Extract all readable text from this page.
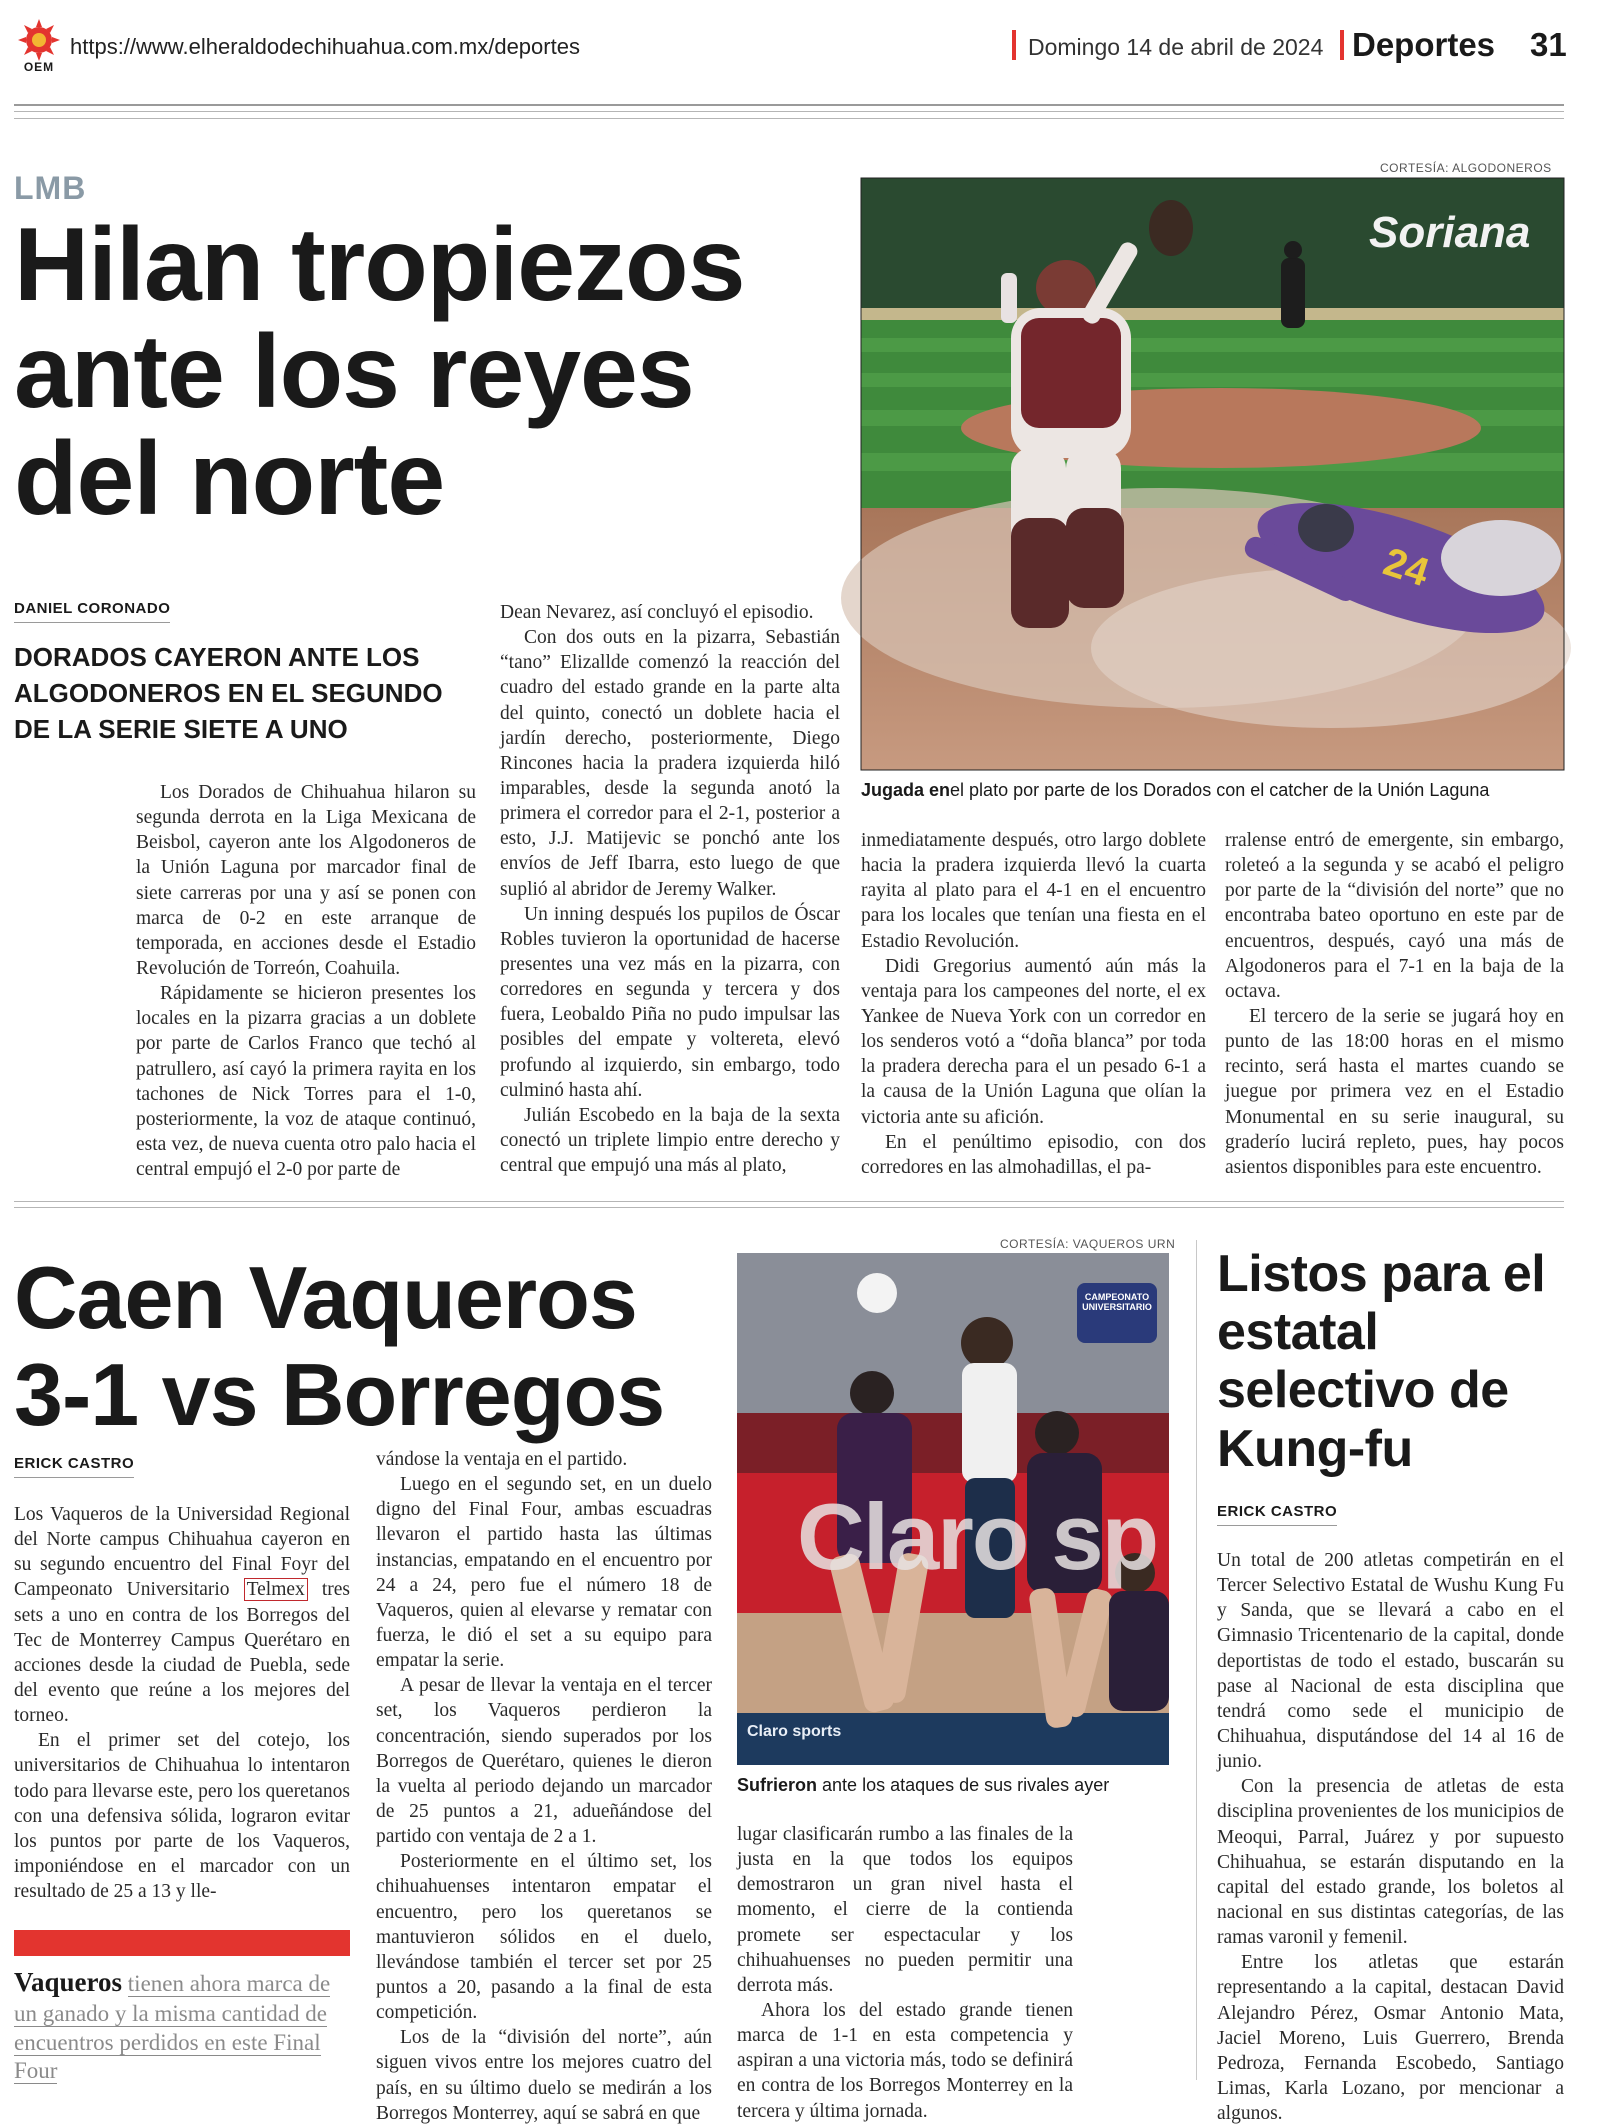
OEM
https://www.elheraldodechihuahua.com.mx/deportes	Domingo 14 de abril de 2024 Deportes 31
LMB
Hilan tropiezos ante los reyes del norte
DANIEL CORONADO
DORADOS CAYERON ANTE LOS ALGODONEROS EN EL SEGUNDO DE LA SERIE SIETE A UNO
CORTESÍA: ALGODONEROS
24
Soriana
Jugada enel plato por parte de los Dorados con el catcher de la Unión Laguna

Los Dorados de Chihuahua hilaron su segunda derrota en la Liga Mexicana de Beisbol, cayeron ante los Algodoneros de la Unión Laguna por marcador final de siete carreras por una y así se ponen con marca de 0-2 en este arranque de temporada, en acciones desde el Estadio Revolución de Torreón, Coahuila.

Rápidamente se hicieron presentes los locales en la pizarra gracias a un doblete por parte de Carlos Franco que techó al patrullero, así cayó la primera rayita en los tachones de Nick Torres para el 1-0, posteriormente, la voz de ataque continuó, esta vez, de nueva cuenta otro palo hacia el central empujó el 2-0 por parte de

Dean Nevarez, así concluyó el episodio.

Con dos outs en la pizarra, Sebastián “tano” Elizallde comenzó la reacción del cuadro del estado grande en la parte alta del quinto, conectó un doblete hacia el jardín derecho, posteriormente, Diego Rincones hacia la pradera izquierda hiló imparables, desde la segunda anotó la primera el corredor para el 2-1, posterior a esto, J.J. Matijevic se ponchó ante los envíos de Jeff Ibarra, esto luego de que suplió al abridor de Jeremy Walker.

Un inning después los pupilos de Óscar Robles tuvieron la oportunidad de hacerse presentes una vez más en la pizarra, con corredores en segunda y tercera y dos fuera, Leobaldo Piña no pudo impulsar las posibles del empate y voltereta, elevó profundo al izquierdo, sin embargo, todo culminó hasta ahí.

Julián Escobedo en la baja de la sexta conectó un triplete limpio entre derecho y central que empujó una más al plato,

inmediatamente después, otro largo doblete hacia la pradera izquierda llevó la cuarta rayita al plato para el 4-1 en el encuentro para los locales que tenían una fiesta en el Estadio Revolución.

Didi Gregorius aumentó aún más la ventaja para los campeones del norte, el ex Yankee de Nueva York con un corredor en los senderos votó a “doña blanca” por toda la pradera derecha para el un pesado 6-1 a la causa de la Unión Laguna que olían la victoria ante su afición.

En el penúltimo episodio, con dos corredores en las almohadillas, el pa-

rralense entró de emergente, sin embargo, roleteó a la segunda y se acabó el peligro por parte de la “división del norte” que no encontraba bateo oportuno en este par de encuentros, después, cayó una más de Algodoneros para el 7-1 en la baja de la octava.

El tercero de la serie se jugará hoy en punto de las 18:00 horas en el mismo recinto, será hasta el martes cuando se juegue por primera vez en el Estadio Monumental en su serie inaugural, su graderío lucirá repleto, pues, hay pocos asientos disponibles para este encuentro.

Caen Vaqueros 3-1 vs Borregos
ERICK CASTRO

Los Vaqueros de la Universidad Regional del Norte campus Chihuahua cayeron en su segundo encuentro del Final Foyr del Campeonato Universitario Telmex tres sets a uno en contra de los Borregos del Tec de Monterrey Campus Querétaro en acciones desde la ciudad de Puebla, sede del evento que reúne a los mejores del torneo.

En el primer set del cotejo, los universitarios de Chihuahua lo intentaron todo para llevarse este, pero los queretanos con una defensiva sólida, lograron evitar los puntos por parte de los Vaqueros, imponiéndose en el marcador con un resultado de 25 a 13 y lle-

Vaqueros tienen ahora marca de un ganado y la misma cantidad de encuentros perdidos en este Final Four

vándose la ventaja en el partido.

Luego en el segundo set, en un duelo digno del Final Four, ambas escuadras llevaron el partido hasta las últimas instancias, empatando en el encuentro por 24 a 24, pero fue el número 18 de Vaqueros, quien al elevarse y rematar con fuerza, le dió el set a su equipo para empatar la serie.

A pesar de llevar la ventaja en el tercer set, los Vaqueros perdieron la concentración, siendo superados por los Borregos de Querétaro, quienes le dieron la vuelta al periodo dejando un marcador de 25 puntos a 21, adueñándose del partido con ventaja de 2 a 1.

Posteriormente en el último set, los chihuahuenses intentaron empatar el encuentro, pero los queretanos se mantuvieron sólidos en el duelo, llevándose también el tercer set por 25 puntos a 20, pasando a la final de esta competición.

Los de la “división del norte”, aún siguen vivos entre los mejores cuatro del país, en su último duelo se medirán a los Borregos Monterrey, aquí se sabrá en que

CORTESÍA: VAQUEROS URN
CAMPEONATO UNIVERSITARIO
Claro sp
Claro sports
Sufrieron ante los ataques de sus rivales ayer

lugar clasificarán rumbo a las finales de la justa en la que todos los equipos demostraron un gran nivel hasta el momento, el cierre de la contienda promete ser espectacular y los chihuahuenses no pueden permitir una derrota más.

Ahora los del estado grande tienen marca de 1-1 en esta competencia y aspiran a una victoria más, todo se definirá en contra de los Borregos Monterrey en la tercera y última jornada.

Listos para el estatal selectivo de Kung-fu
ERICK CASTRO

Un total de 200 atletas competirán en el Tercer Selectivo Estatal de Wushu Kung Fu y Sanda, que se llevará a cabo en el Gimnasio Tricentenario de la capital, donde deportistas de todo el estado, buscarán su pase al Nacional de esta disciplina que tendrá como sede el municipio de Chihuahua, disputándose del 14 al 16 de junio.

Con la presencia de atletas de esta disciplina provenientes de los municipios de Meoqui, Parral, Juárez y por supuesto Chihuahua, se estarán disputando en la capital del estado grande, los boletos al nacional en sus distintas categorías, de las ramas varonil y femenil.

Entre los atletas que estarán representando a la capital, destacan David Alejandro Pérez, Osmar Antonio Mata, Jaciel Moreno, Luis Guerrero, Brenda Pedroza, Fernanda Escobedo, Santiago Limas, Karla Lozano, por mencionar a algunos.
